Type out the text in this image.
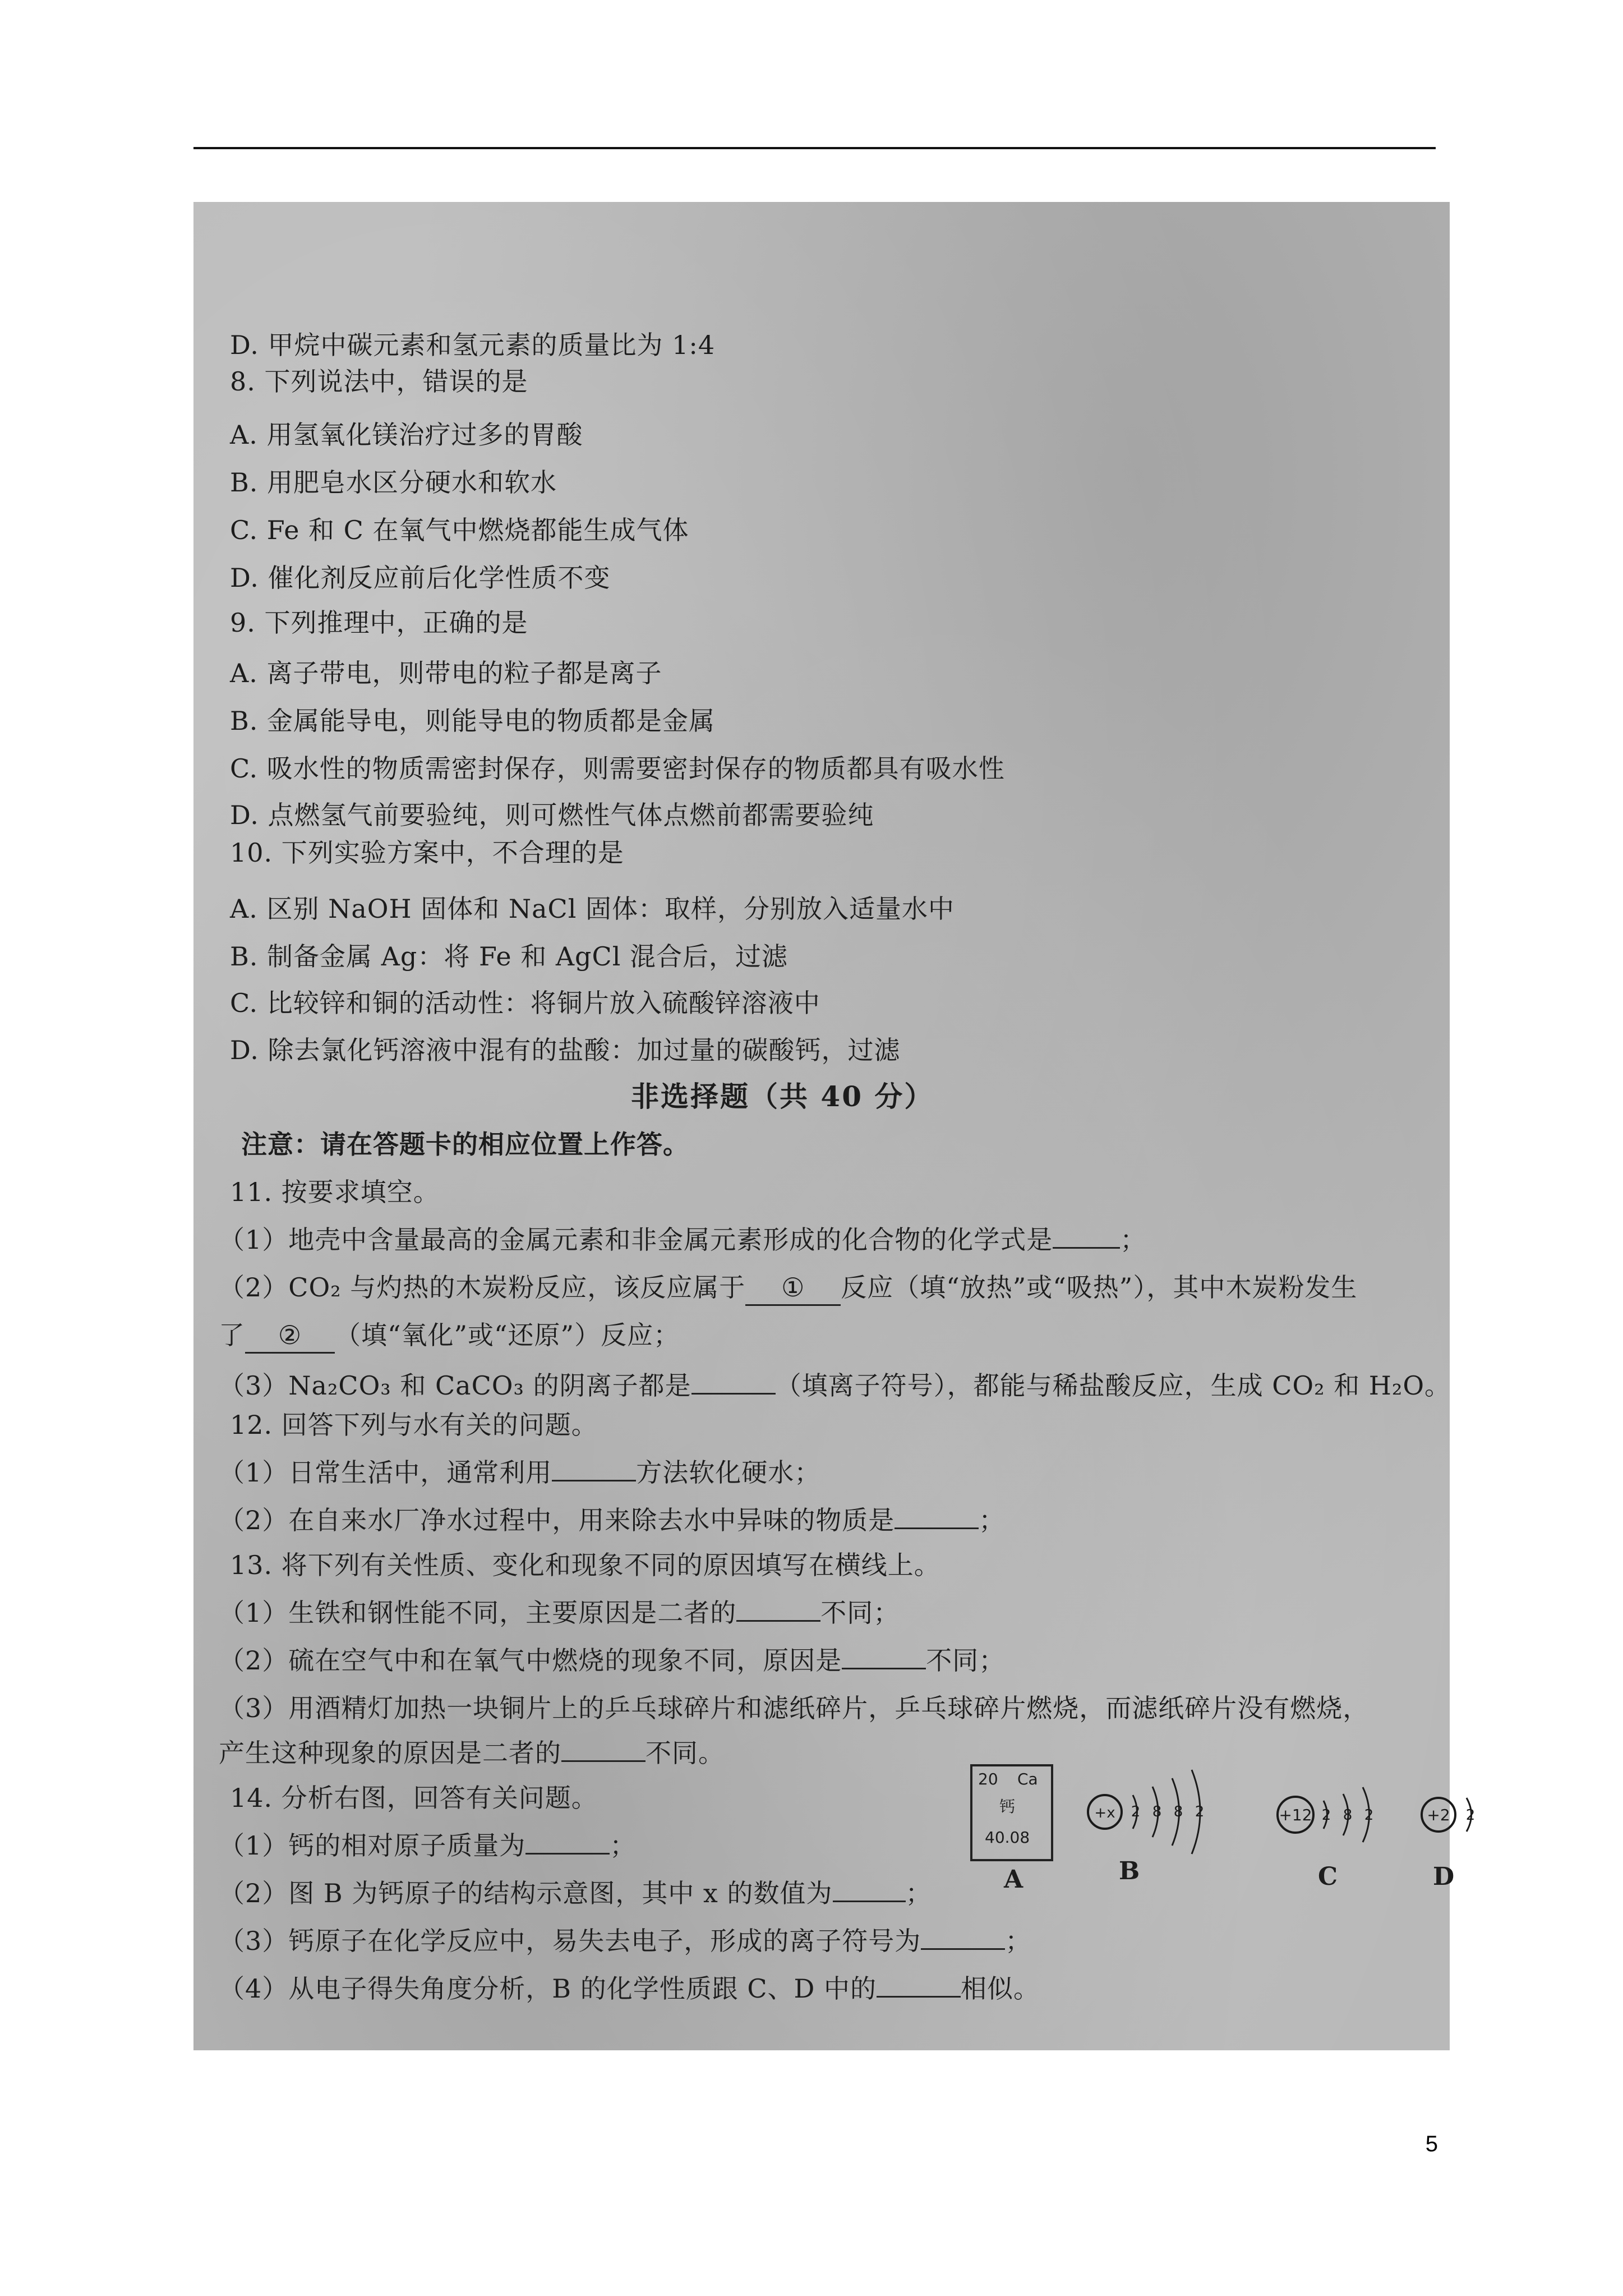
D. 甲烷中碳元素和氢元素的质量比为 1:4
8. 下列说法中，错误的是
A. 用氢氧化镁治疗过多的胃酸
B. 用肥皂水区分硬水和软水
C. Fe 和 C 在氧气中燃烧都能生成气体
D. 催化剂反应前后化学性质不变
9. 下列推理中，正确的是
A. 离子带电，则带电的粒子都是离子
B. 金属能导电，则能导电的物质都是金属
C. 吸水性的物质需密封保存，则需要密封保存的物质都具有吸水性
D. 点燃氢气前要验纯，则可燃性气体点燃前都需要验纯
10. 下列实验方案中，不合理的是
A. 区别 NaOH 固体和 NaCl 固体：取样，分别放入适量水中
B. 制备金属 Ag：将 Fe 和 AgCl 混合后，过滤
C. 比较锌和铜的活动性：将铜片放入硫酸锌溶液中
D. 除去氯化钙溶液中混有的盐酸：加过量的碳酸钙，过滤
非选择题（共 40 分）
注意：请在答题卡的相应位置上作答。
11. 按要求填空。
（1）地壳中含量最高的金属元素和非金属元素形成的化合物的化学式是	；
（2）CO₂ 与灼热的木炭粉反应，该反应属于 ① 反应（填“放热”或“吸热”），其中木炭粉发生
了 ② （填“氧化”或“还原”）反应；
（3）Na₂CO₃ 和 CaCO₃ 的阴离子都是	（填离子符号），都能与稀盐酸反应，生成 CO₂ 和 H₂O。
12. 回答下列与水有关的问题。
（1）日常生活中，通常利用	方法软化硬水；
（2）在自来水厂净水过程中，用来除去水中异味的物质是	；
13. 将下列有关性质、变化和现象不同的原因填写在横线上。
（1）生铁和钢性能不同，主要原因是二者的	不同；
（2）硫在空气中和在氧气中燃烧的现象不同，原因是	不同；
（3）用酒精灯加热一块铜片上的乒乓球碎片和滤纸碎片，乒乓球碎片燃烧，而滤纸碎片没有燃烧，
产生这种现象的原因是二者的	不同。
14. 分析右图，回答有关问题。
（1）钙的相对原子质量为	；
（2）图 B 为钙原子的结构示意图，其中 x 的数值为	；
（3）钙原子在化学反应中，易失去电子，形成的离子符号为	；
（4）从电子得失角度分析，B 的化学性质跟 C、D 中的	相似。
20 Ca
钙
40.08
A
+x 2 8 8 2
B
+12 2 8 2
C
+2 2
D
5
